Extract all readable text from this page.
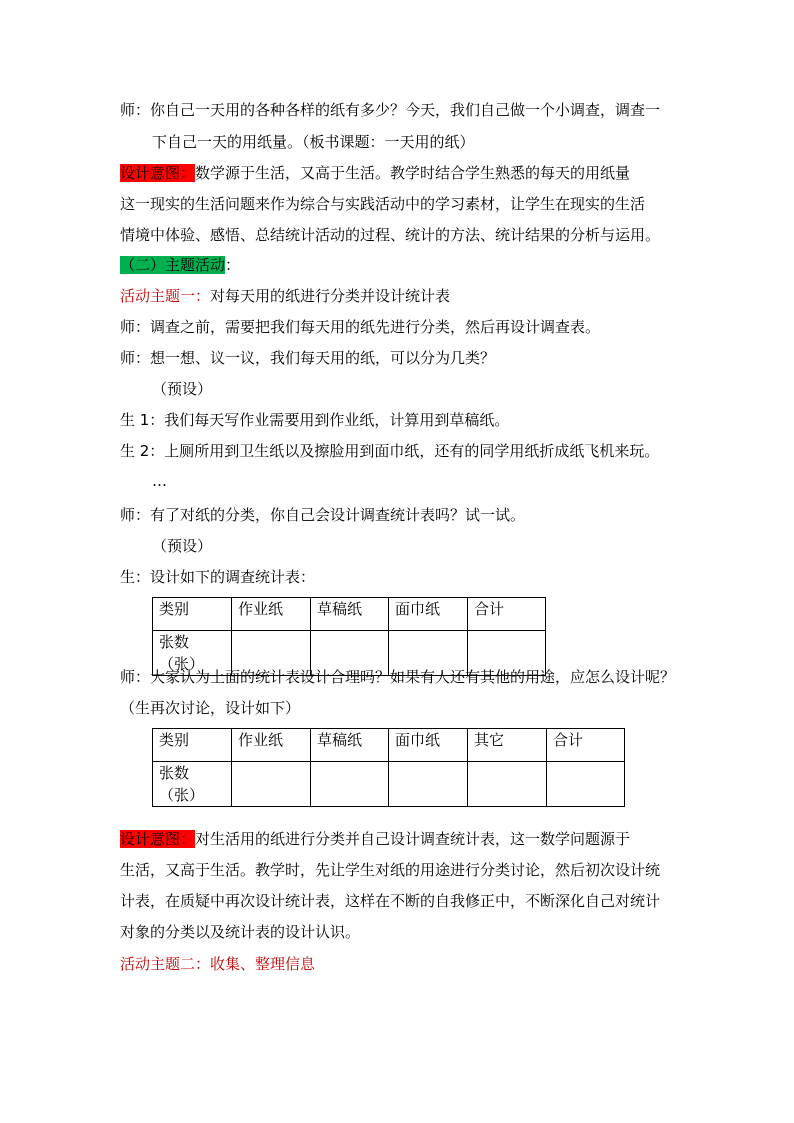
师：你自己一天用的各种各样的纸有多少？今天，我们自己做一个小调查，调查一
下自己一天的用纸量。（板书课题：一天用的纸）
设计意图：数学源于生活，又高于生活。教学时结合学生熟悉的每天的用纸量
这一现实的生活问题来作为综合与实践活动中的学习素材，让学生在现实的生活
情境中体验、感悟、总结统计活动的过程、统计的方法、统计结果的分析与运用。
（二）主题活动：
活动主题一：对每天用的纸进行分类并设计统计表
师：调查之前，需要把我们每天用的纸先进行分类，然后再设计调查表。
师：想一想、议一议，我们每天用的纸，可以分为几类？
（预设）
生 1：我们每天写作业需要用到作业纸，计算用到草稿纸。
生 2：上厕所用到卫生纸以及擦脸用到面巾纸，还有的同学用纸折成纸飞机来玩。
…
师：有了对纸的分类，你自己会设计调查统计表吗？试一试。
（预设）
生：设计如下的调查统计表：
类别	作业纸	草稿纸	面巾纸	合计
张数（张）				
师：大家认为上面的统计表设计合理吗？如果有人还有其他的用途，应怎么设计呢？
（生再次讨论，设计如下）
类别	作业纸	草稿纸	面巾纸	其它	合计
张数（张）					
设计意图：对生活用的纸进行分类并自己设计调查统计表，这一数学问题源于
生活，又高于生活。教学时，先让学生对纸的用途进行分类讨论，然后初次设计统
计表，在质疑中再次设计统计表，这样在不断的自我修正中，不断深化自己对统计
对象的分类以及统计表的设计认识。
活动主题二：收集、整理信息
